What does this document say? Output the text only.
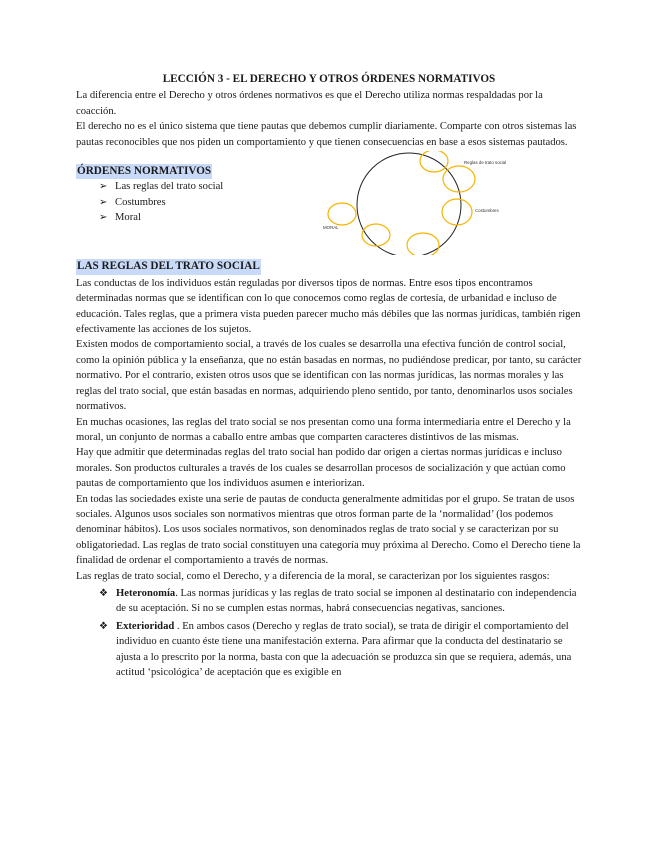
LECCIÓN 3 - EL DERECHO Y OTROS ÓRDENES NORMATIVOS

La diferencia entre el Derecho y otros órdenes normativos es que el Derecho utiliza normas respaldadas por la coacción.

El derecho no es el único sistema que tiene pautas que debemos cumplir diariamente. Comparte con otros sistemas las pautas reconocibles que nos piden un comportamiento y que tienen consecuencias en base a esos sistemas pautados.

ÓRDENES NORMATIVOS
➢ Las reglas del trato social
➢ Costumbres
➢ Moral
Reglas de trato social
Costumbres
MORAL
LAS REGLAS DEL TRATO SOCIAL

Las conductas de los individuos están reguladas por diversos tipos de normas. Entre esos tipos encontramos determinadas normas que se identifican con lo que conocemos como reglas de cortesía, de urbanidad e incluso de educación. Tales reglas, que a primera vista pueden parecer mucho más débiles que las normas jurídicas, también rigen efectivamente las acciones de los sujetos.

Existen modos de comportamiento social, a través de los cuales se desarrolla una efectiva función de control social, como la opinión pública y la enseñanza, que no están basadas en normas, no pudiéndose predicar, por tanto, su carácter normativo. Por el contrario, existen otros usos que se identifican con las normas jurídicas, las normas morales y las reglas del trato social, que están basadas en normas, adquiriendo pleno sentido, por tanto, denominarlos usos sociales normativos.

En muchas ocasiones, las reglas del trato social se nos presentan como una forma intermediaria entre el Derecho y la moral, un conjunto de normas a caballo entre ambas que comparten caracteres distintivos de las mismas.

Hay que admitir que determinadas reglas del trato social han podido dar origen a ciertas normas jurídicas e incluso morales. Son productos culturales a través de los cuales se desarrollan procesos de socialización y que actúan como pautas de comportamiento que los individuos asumen e interiorizan.

En todas las sociedades existe una serie de pautas de conducta generalmente admitidas por el grupo. Se tratan de usos sociales. Algunos usos sociales son normativos mientras que otros forman parte de la ‘normalidad’ (los podemos denominar hábitos). Los usos sociales normativos, son denominados reglas de trato social y se caracterizan por su obligatoriedad. Las reglas de trato social constituyen una categoría muy próxima al Derecho. Como el Derecho tiene la finalidad de ordenar el comportamiento a través de normas.

Las reglas de trato social, como el Derecho, y a diferencia de la moral, se caracterizan por los siguientes rasgos:

❖ Heteronomía. Las normas jurídicas y las reglas de trato social se imponen al destinatario con independencia de su aceptación. Si no se cumplen estas normas, habrá consecuencias negativas, sanciones.
❖ Exterioridad . En ambos casos (Derecho y reglas de trato social), se trata de dirigir el comportamiento del individuo en cuanto éste tiene una manifestación externa. Para afirmar que la conducta del destinatario se ajusta a lo prescrito por la norma, basta con que la adecuación se produzca sin que se requiera, además, una actitud ‘psicológica’ de aceptación que es exigible en
